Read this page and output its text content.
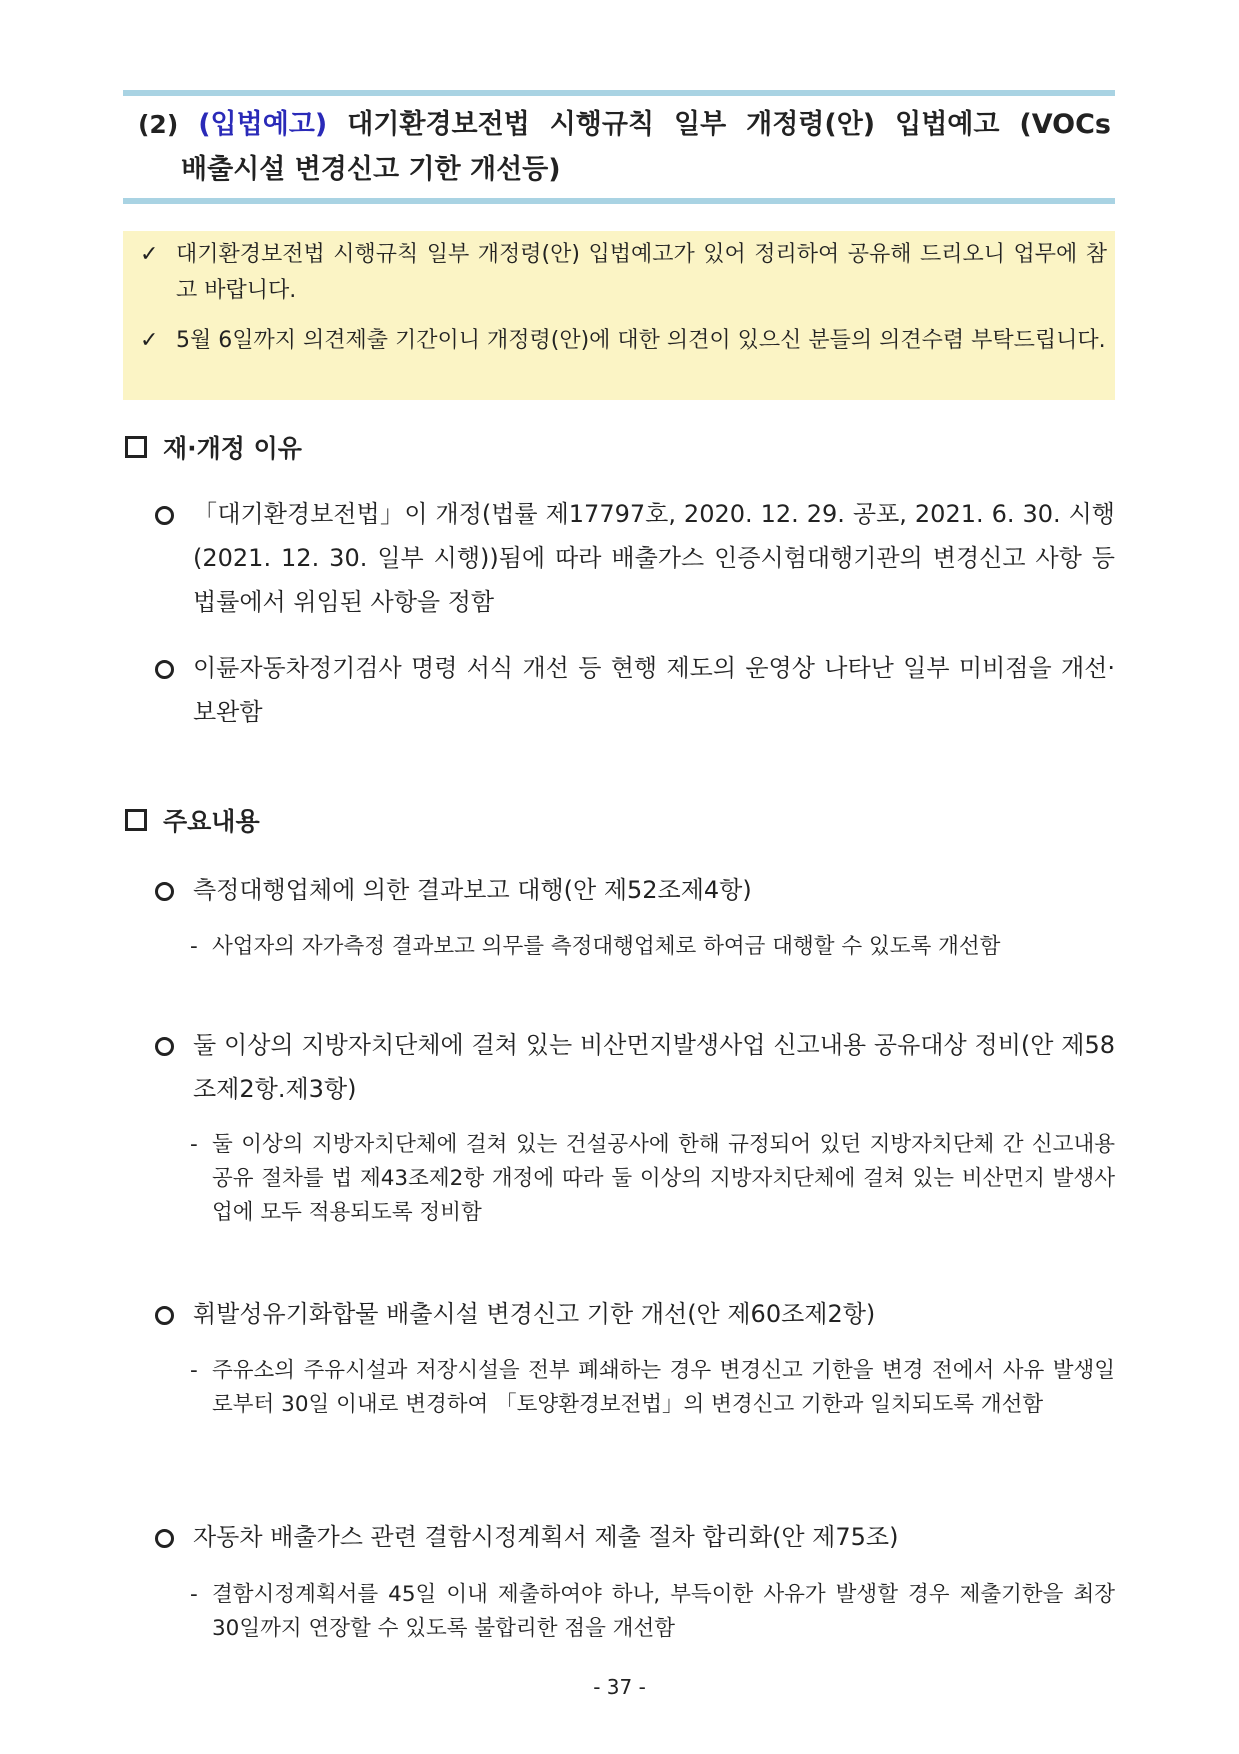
(2) (입법예고) 대기환경보전법 시행규칙 일부 개정령(안) 입법예고 (VOCs
배출시설 변경신고 기한 개선등)
✓ 대기환경보전법 시행규칙 일부 개정령(안) 입법예고가 있어 정리하여 공유해 드리오니 업무에 참고 바랍니다.
✓ 5월 6일까지 의견제출 기간이니 개정령(안)에 대한 의견이 있으신 분들의 의견수렴 부탁드립니다.
재·개정 이유
「대기환경보전법」이 개정(법률 제17797호, 2020. 12. 29. 공포, 2021. 6. 30. 시행(2021. 12. 30. 일부 시행))됨에 따라 배출가스 인증시험대행기관의 변경신고 사항 등 법률에서 위임된 사항을 정함
이륜자동차정기검사 명령 서식 개선 등 현행 제도의 운영상 나타난 일부 미비점을 개선·보완함
주요내용
측정대행업체에 의한 결과보고 대행(안 제52조제4항)
- 사업자의 자가측정 결과보고 의무를 측정대행업체로 하여금 대행할 수 있도록 개선함
둘 이상의 지방자치단체에 걸쳐 있는 비산먼지발생사업 신고내용 공유대상 정비(안 제58조제2항.제3항)
- 둘 이상의 지방자치단체에 걸쳐 있는 건설공사에 한해 규정되어 있던 지방자치단체 간 신고내용 공유 절차를 법 제43조제2항 개정에 따라 둘 이상의 지방자치단체에 걸쳐 있는 비산먼지 발생사업에 모두 적용되도록 정비함
휘발성유기화합물 배출시설 변경신고 기한 개선(안 제60조제2항)
- 주유소의 주유시설과 저장시설을 전부 폐쇄하는 경우 변경신고 기한을 변경 전에서 사유 발생일로부터 30일 이내로 변경하여 「토양환경보전법」의 변경신고 기한과 일치되도록 개선함
자동차 배출가스 관련 결함시정계획서 제출 절차 합리화(안 제75조)
- 결함시정계획서를 45일 이내 제출하여야 하나, 부득이한 사유가 발생할 경우 제출기한을 최장 30일까지 연장할 수 있도록 불합리한 점을 개선함
- 37 -
